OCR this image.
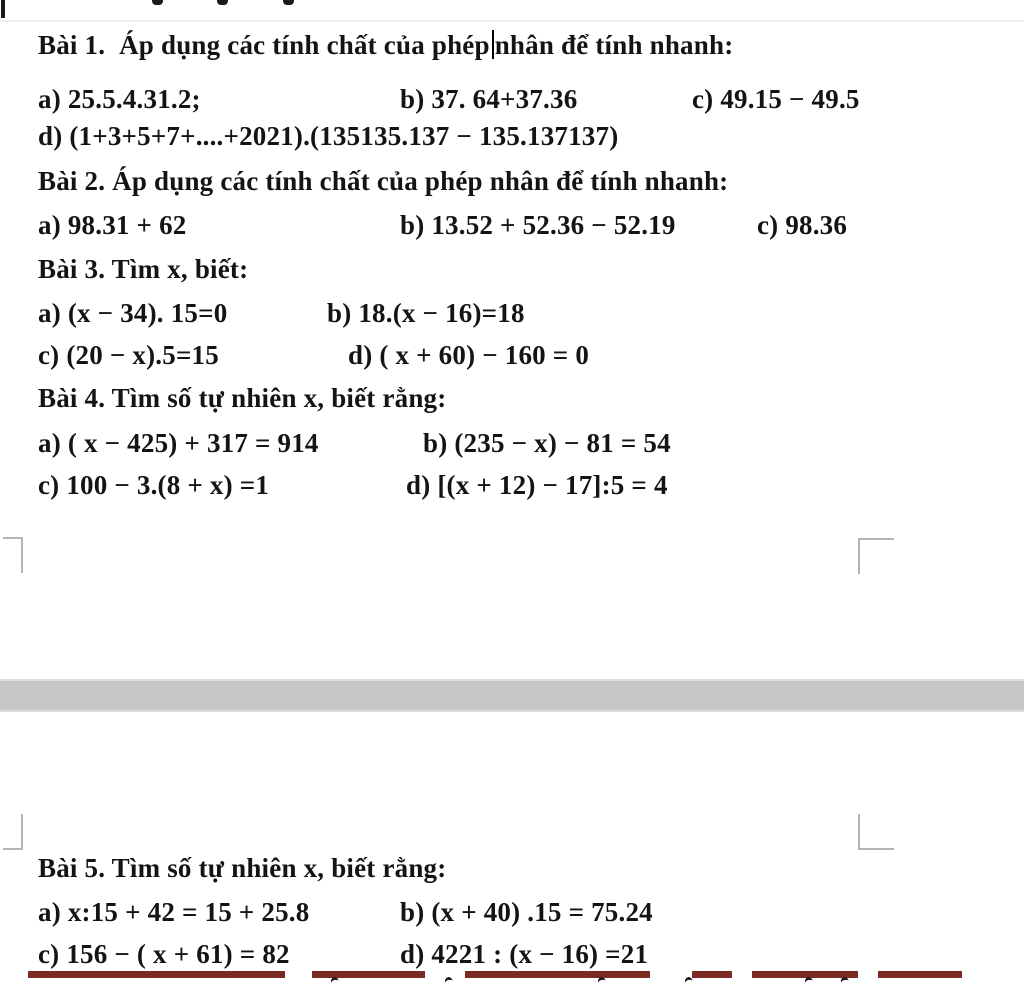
Bài 1.  Áp dụng các tính chất của phép nhân để tính nhanh:
a) 25.5.4.31.2;	b) 37. 64+37.36	c) 49.15 − 49.5
d) (1+3+5+7+....+2021).(135135.137 − 135.137137)
Bài 2. Áp dụng các tính chất của phép nhân để tính nhanh:
a) 98.31 + 62	b) 13.52 + 52.36 − 52.19	c) 98.36
Bài 3. Tìm x, biết:
a) (x − 34). 15=0	b) 18.(x − 16)=18
c) (20 − x).5=15	d) ( x + 60) − 160 = 0
Bài 4. Tìm số tự nhiên x, biết rằng:
a) ( x − 425) + 317 = 914	b) (235 − x) − 81 = 54
c) 100 − 3.(8 + x) =1	d) [(x + 12) − 17]:5 = 4
Bài 5. Tìm số tự nhiên x, biết rằng:
a) x:15 + 42 = 15 + 25.8	b) (x + 40) .15 = 75.24
c) 156 − ( x + 61) = 82	d) 4221 : (x − 16) =21
